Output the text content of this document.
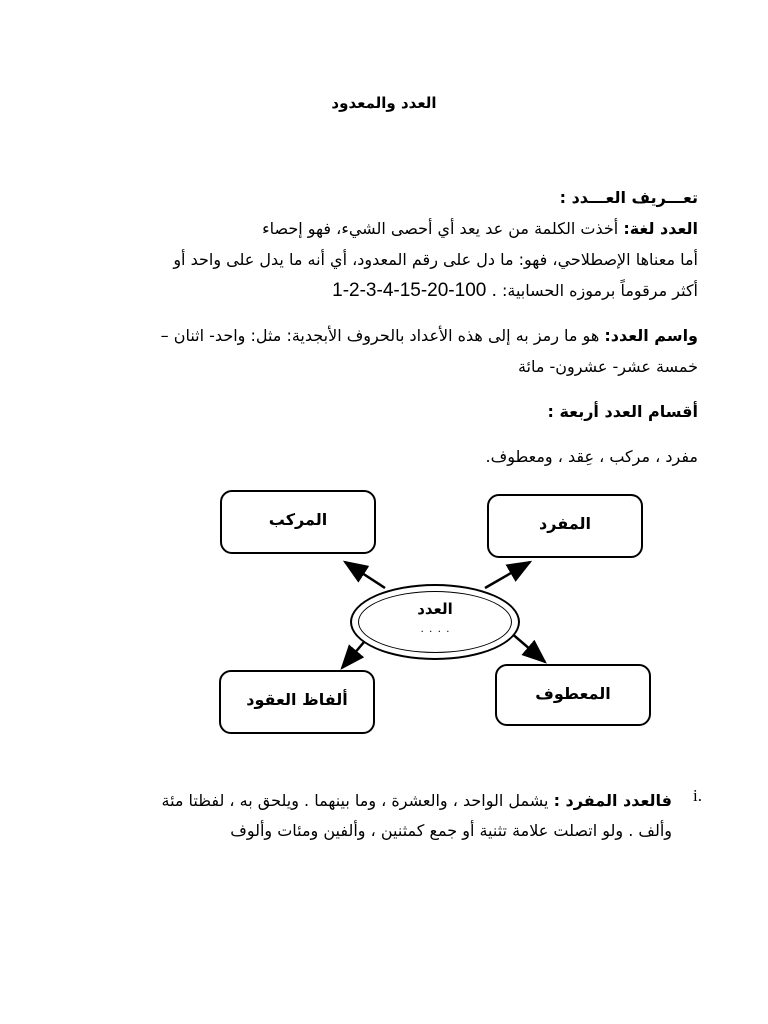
العدد والمعدود
تعـــريف العـــدد :
العدد لغة: أخذت الكلمة من عد يعد أي أحصى الشيء، فهو إحصاء
أما معناها الإصطلاحي، فهو: ما دل على رقم المعدود، أي أنه ما يدل على واحد أو
أكثر مرقوماً برموزه الحسابية: 1-2-3-4-15-20-100 .
واسم العدد: هو ما رمز به إلى هذه الأعداد بالحروف الأبجدية: مثل: واحد- اثنان –
خمسة عشر- عشرون- مائة
أقسام العدد أربعة :
مفرد ، مركب ، عِقد ، ومعطوف.
المركب	المفرد
ألفاظ العقود	المعطوف
العدد
٠ ٠ ٠ ٠
i.
فالعدد المفرد : يشمل الواحد ، والعشرة ، وما بينهما . ويلحق به ، لفظتا مئة
وألف . ولو اتصلت علامة تثنية أو جمع كمثنين ، وألفين ومئات وألوف
